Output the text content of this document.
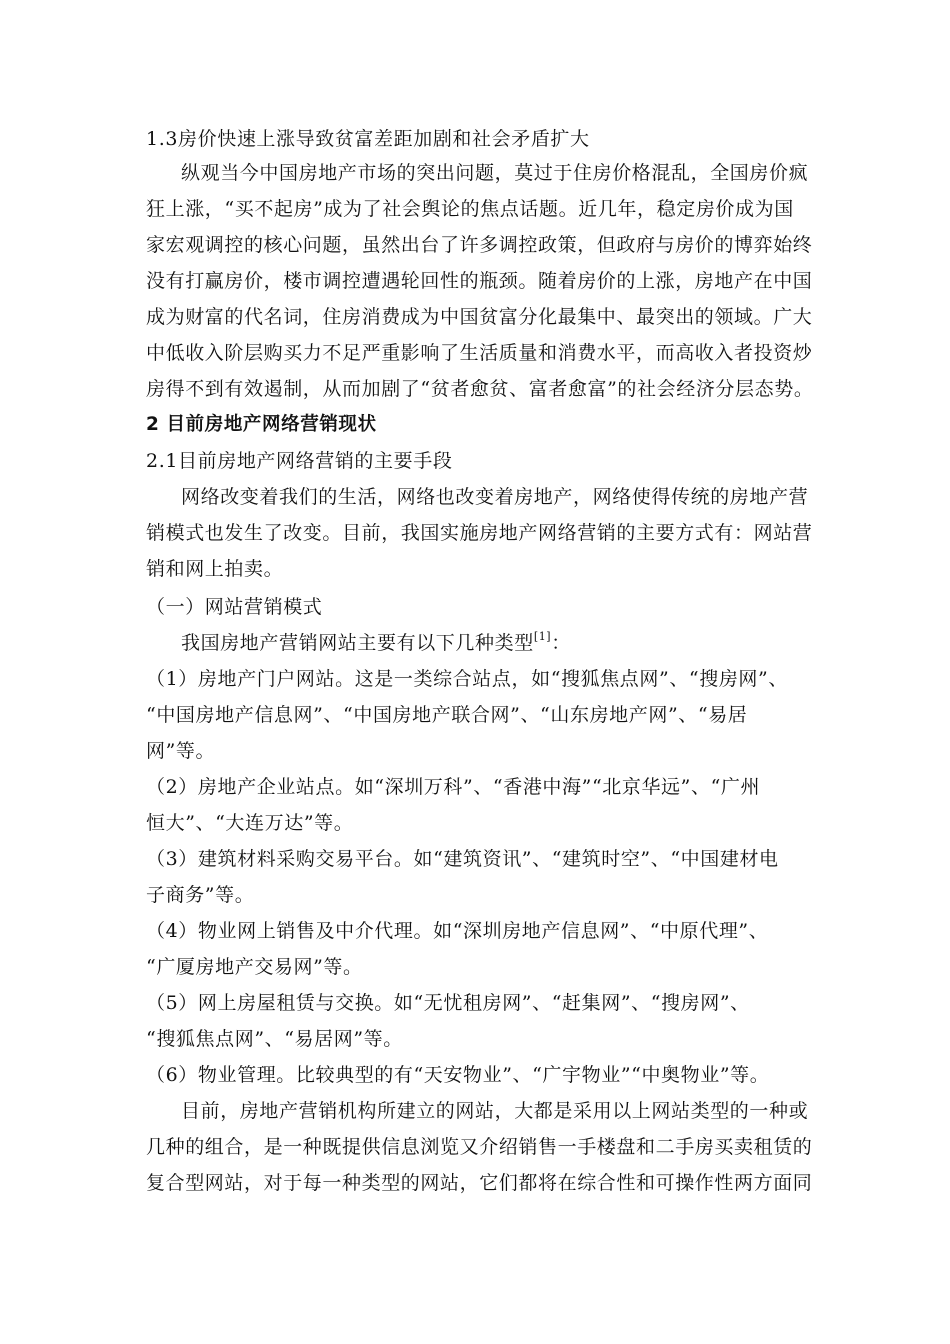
1.3房价快速上涨导致贫富差距加剧和社会矛盾扩大
纵观当今中国房地产市场的突出问题，莫过于住房价格混乱，全国房价疯
狂上涨，“买不起房”成为了社会舆论的焦点话题。近几年，稳定房价成为国
家宏观调控的核心问题，虽然出台了许多调控政策，但政府与房价的博弈始终
没有打赢房价，楼市调控遭遇轮回性的瓶颈。随着房价的上涨，房地产在中国
成为财富的代名词，住房消费成为中国贫富分化最集中、最突出的领域。广大
中低收入阶层购买力不足严重影响了生活质量和消费水平，而高收入者投资炒
房得不到有效遏制，从而加剧了“贫者愈贫、富者愈富”的社会经济分层态势。
2 目前房地产网络营销现状
2.1目前房地产网络营销的主要手段
网络改变着我们的生活，网络也改变着房地产，网络使得传统的房地产营
销模式也发生了改变。目前，我国实施房地产网络营销的主要方式有：网站营
销和网上拍卖。
（一）网站营销模式
我国房地产营销网站主要有以下几种类型[1]：
（1）房地产门户网站。这是一类综合站点，如“搜狐焦点网”、“搜房网”、
“中国房地产信息网”、“中国房地产联合网”、“山东房地产网”、“易居
网”等。
（2）房地产企业站点。如“深圳万科”、“香港中海”“北京华远”、“广州
恒大”、“大连万达”等。
（3）建筑材料采购交易平台。如“建筑资讯”、“建筑时空”、“中国建材电
子商务”等。
（4）物业网上销售及中介代理。如“深圳房地产信息网”、“中原代理”、
“广厦房地产交易网”等。
（5）网上房屋租赁与交换。如“无忧租房网”、“赶集网”、“搜房网”、
“搜狐焦点网”、“易居网”等。
（6）物业管理。比较典型的有“天安物业”、“广宇物业”“中奥物业”等。
目前，房地产营销机构所建立的网站，大都是采用以上网站类型的一种或
几种的组合，是一种既提供信息浏览又介绍销售一手楼盘和二手房买卖租赁的
复合型网站，对于每一种类型的网站，它们都将在综合性和可操作性两方面同
